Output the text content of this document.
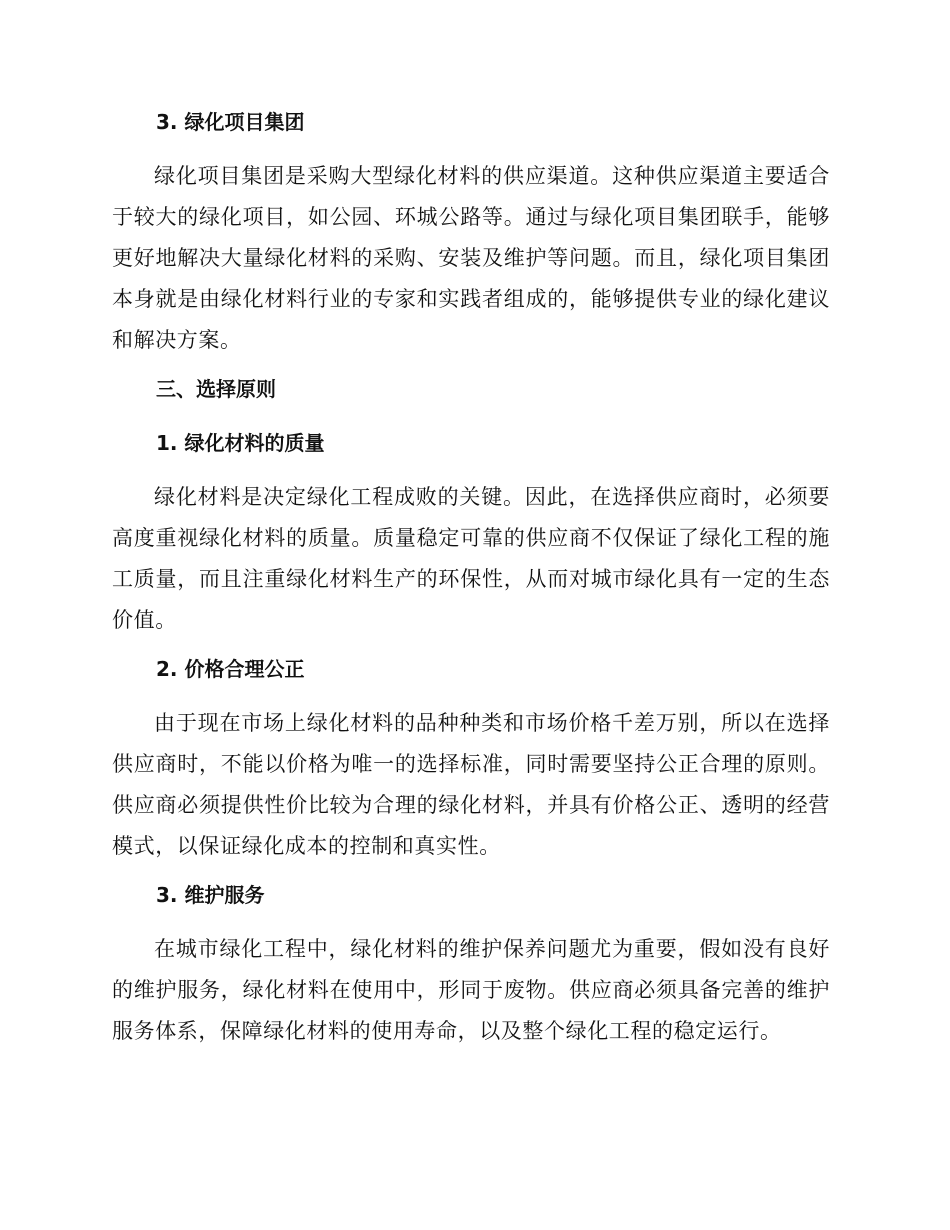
3. 绿化项目集团

绿化项目集团是采购大型绿化材料的供应渠道。这种供应渠道主要适合于较大的绿化项目，如公园、环城公路等。通过与绿化项目集团联手，能够更好地解决大量绿化材料的采购、安装及维护等问题。而且，绿化项目集团本身就是由绿化材料行业的专家和实践者组成的，能够提供专业的绿化建议和解决方案。

三、选择原则
1. 绿化材料的质量

绿化材料是决定绿化工程成败的关键。因此，在选择供应商时，必须要高度重视绿化材料的质量。质量稳定可靠的供应商不仅保证了绿化工程的施工质量，而且注重绿化材料生产的环保性，从而对城市绿化具有一定的生态价值。

2. 价格合理公正

由于现在市场上绿化材料的品种种类和市场价格千差万别，所以在选择供应商时，不能以价格为唯一的选择标准，同时需要坚持公正合理的原则。供应商必须提供性价比较为合理的绿化材料，并具有价格公正、透明的经营模式，以保证绿化成本的控制和真实性。

3. 维护服务

在城市绿化工程中，绿化材料的维护保养问题尤为重要，假如没有良好的维护服务，绿化材料在使用中，形同于废物。供应商必须具备完善的维护服务体系，保障绿化材料的使用寿命，以及整个绿化工程的稳定运行。
